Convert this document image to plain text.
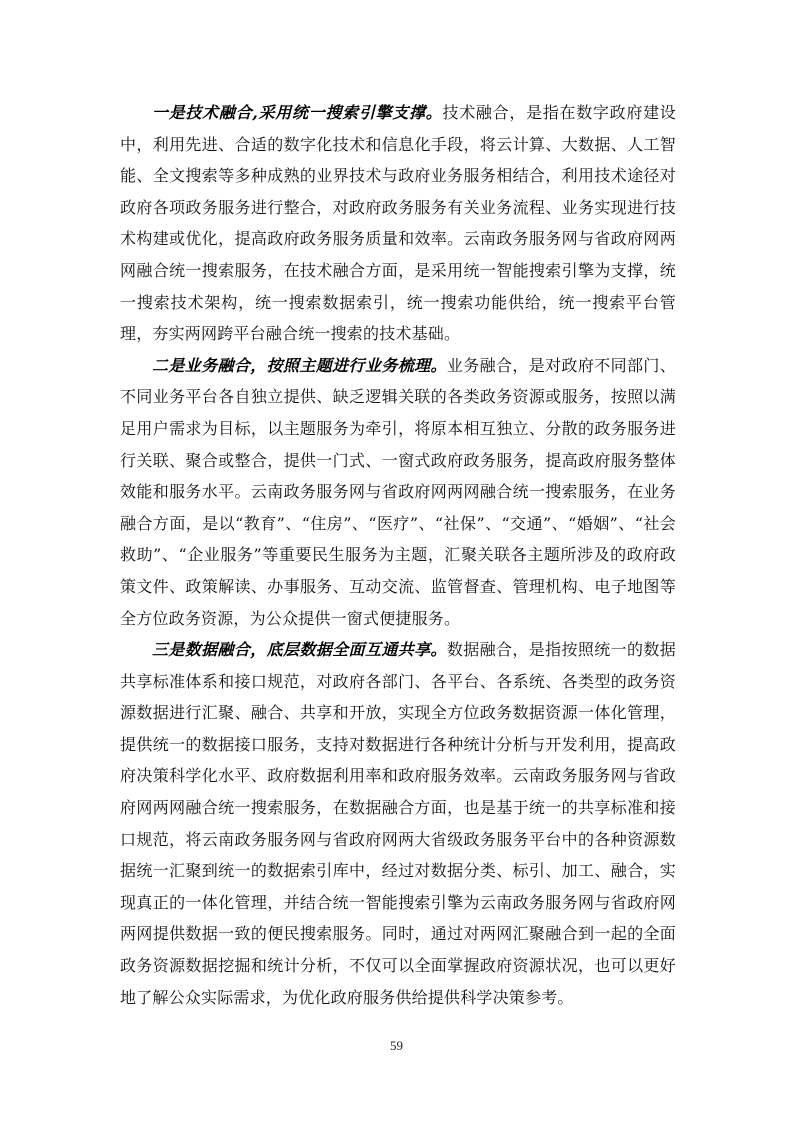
一是技术融合,采用统一搜索引擎支撑。技术融合，是指在数字政府建设中，利用先进、合适的数字化技术和信息化手段，将云计算、大数据、人工智能、全文搜索等多种成熟的业界技术与政府业务服务相结合，利用技术途径对政府各项政务服务进行整合，对政府政务服务有关业务流程、业务实现进行技术构建或优化，提高政府政务服务质量和效率。云南政务服务网与省政府网两网融合统一搜索服务，在技术融合方面，是采用统一智能搜索引擎为支撑，统一搜索技术架构，统一搜索数据索引，统一搜索功能供给，统一搜索平台管理，夯实两网跨平台融合统一搜索的技术基础。

二是业务融合，按照主题进行业务梳理。业务融合，是对政府不同部门、不同业务平台各自独立提供、缺乏逻辑关联的各类政务资源或服务，按照以满足用户需求为目标，以主题服务为牵引，将原本相互独立、分散的政务服务进行关联、聚合或整合，提供一门式、一窗式政府政务服务，提高政府服务整体效能和服务水平。云南政务服务网与省政府网两网融合统一搜索服务，在业务融合方面，是以“教育”、“住房”、“医疗”、“社保”、“交通”、“婚姻”、“社会救助”、“企业服务”等重要民生服务为主题，汇聚关联各主题所涉及的政府政策文件、政策解读、办事服务、互动交流、监管督查、管理机构、电子地图等全方位政务资源，为公众提供一窗式便捷服务。

三是数据融合，底层数据全面互通共享。数据融合，是指按照统一的数据共享标准体系和接口规范，对政府各部门、各平台、各系统、各类型的政务资源数据进行汇聚、融合、共享和开放，实现全方位政务数据资源一体化管理，提供统一的数据接口服务，支持对数据进行各种统计分析与开发利用，提高政府决策科学化水平、政府数据利用率和政府服务效率。云南政务服务网与省政府网两网融合统一搜索服务，在数据融合方面，也是基于统一的共享标准和接口规范，将云南政务服务网与省政府网两大省级政务服务平台中的各种资源数据统一汇聚到统一的数据索引库中，经过对数据分类、标引、加工、融合，实现真正的一体化管理，并结合统一智能搜索引擎为云南政务服务网与省政府网两网提供数据一致的便民搜索服务。同时，通过对两网汇聚融合到一起的全面政务资源数据挖掘和统计分析，不仅可以全面掌握政府资源状况，也可以更好地了解公众实际需求，为优化政府服务供给提供科学决策参考。

59
